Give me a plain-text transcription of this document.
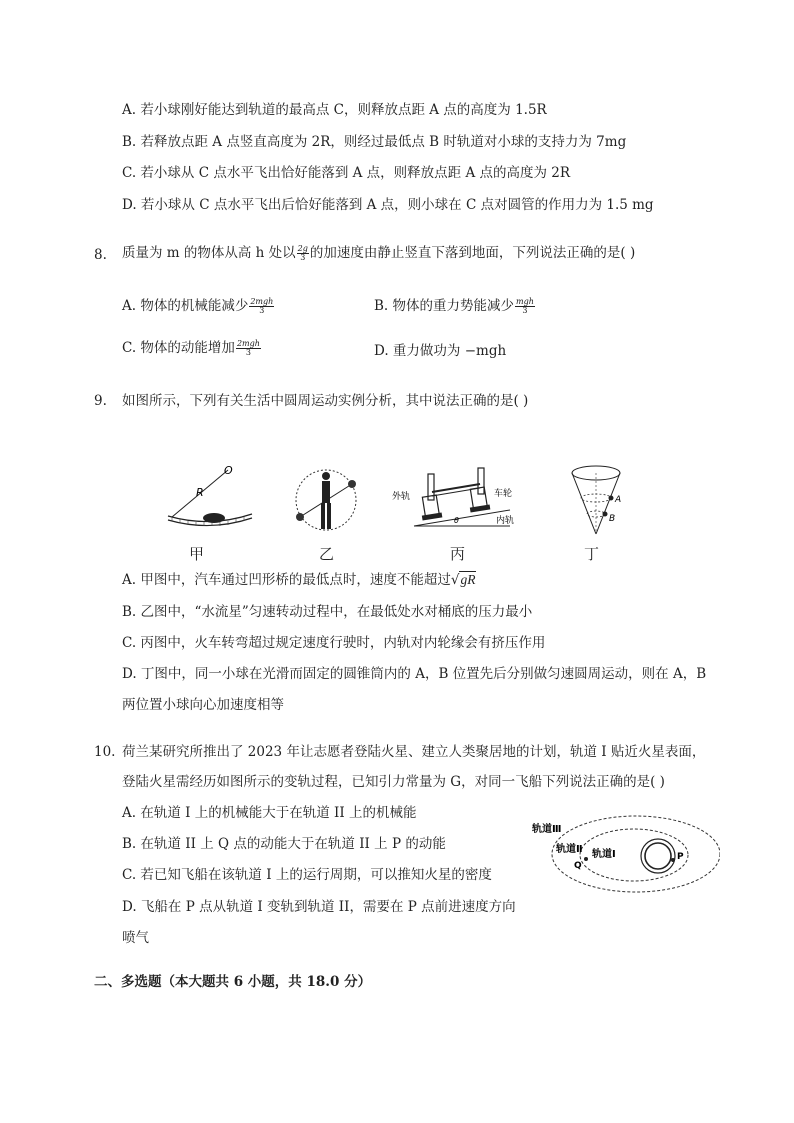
A. 若小球刚好能达到轨道的最高点 C，则释放点距 A 点的高度为 1.5R
B. 若释放点距 A 点竖直高度为 2R，则经过最低点 B 时轨道对小球的支持力为 7mg
C. 若小球从 C 点水平飞出恰好能落到 A 点，则释放点距 A 点的高度为 2R
D. 若小球从 C 点水平飞出后恰好能落到 A 点，则小球在 C 点对圆管的作用力为 1.5 mg
8. 质量为 m 的物体从高 h 处以 $\frac{2g}{3}$ 的加速度由静止竖直下落到地面，下列说法正确的是( )
A. 物体的机械能减少 $\frac{\text{2mgh}}{3}$	B. 物体的重力势能减少 $\frac{\text{mgh}}{3}$
C. 物体的动能增加 $\frac{\text{2mgh}}{3}$	D. 重力做功为 −mgh
9. 如图所示，下列有关生活中圆周运动实例分析，其中说法正确的是( )
O
R
甲	乙
外轨	车轮
内轨
θ
丙
A
B
丁
A. 甲图中，汽车通过凹形桥的最低点时，速度不能超过√gR
B. 乙图中，“水流星”匀速转动过程中，在最低处水对桶底的压力最小
C. 丙图中，火车转弯超过规定速度行驶时，内轨对内轮缘会有挤压作用
D. 丁图中，同一小球在光滑而固定的圆锥筒内的 A，B 位置先后分别做匀速圆周运动，则在 A，B
两位置小球向心加速度相等
10. 荷兰某研究所推出了 2023 年让志愿者登陆火星、建立人类聚居地的计划，轨道 I 贴近火星表面，
登陆火星需经历如图所示的变轨过程，已知引力常量为 G，对同一飞船下列说法正确的是( )
A. 在轨道 I 上的机械能大于在轨道 II 上的机械能
B. 在轨道 II 上 Q 点的动能大于在轨道 II 上 P 的动能
C. 若已知飞船在该轨道 I 上的运行周期，可以推知火星的密度
D. 飞船在 P 点从轨道 I 变轨到轨道 II，需要在 P 点前进速度方向
喷气
轨道Ⅲ
轨道Ⅱ 轨道Ⅰ
Q
P
二、多选题（本大题共 6 小题，共 18.0 分）
